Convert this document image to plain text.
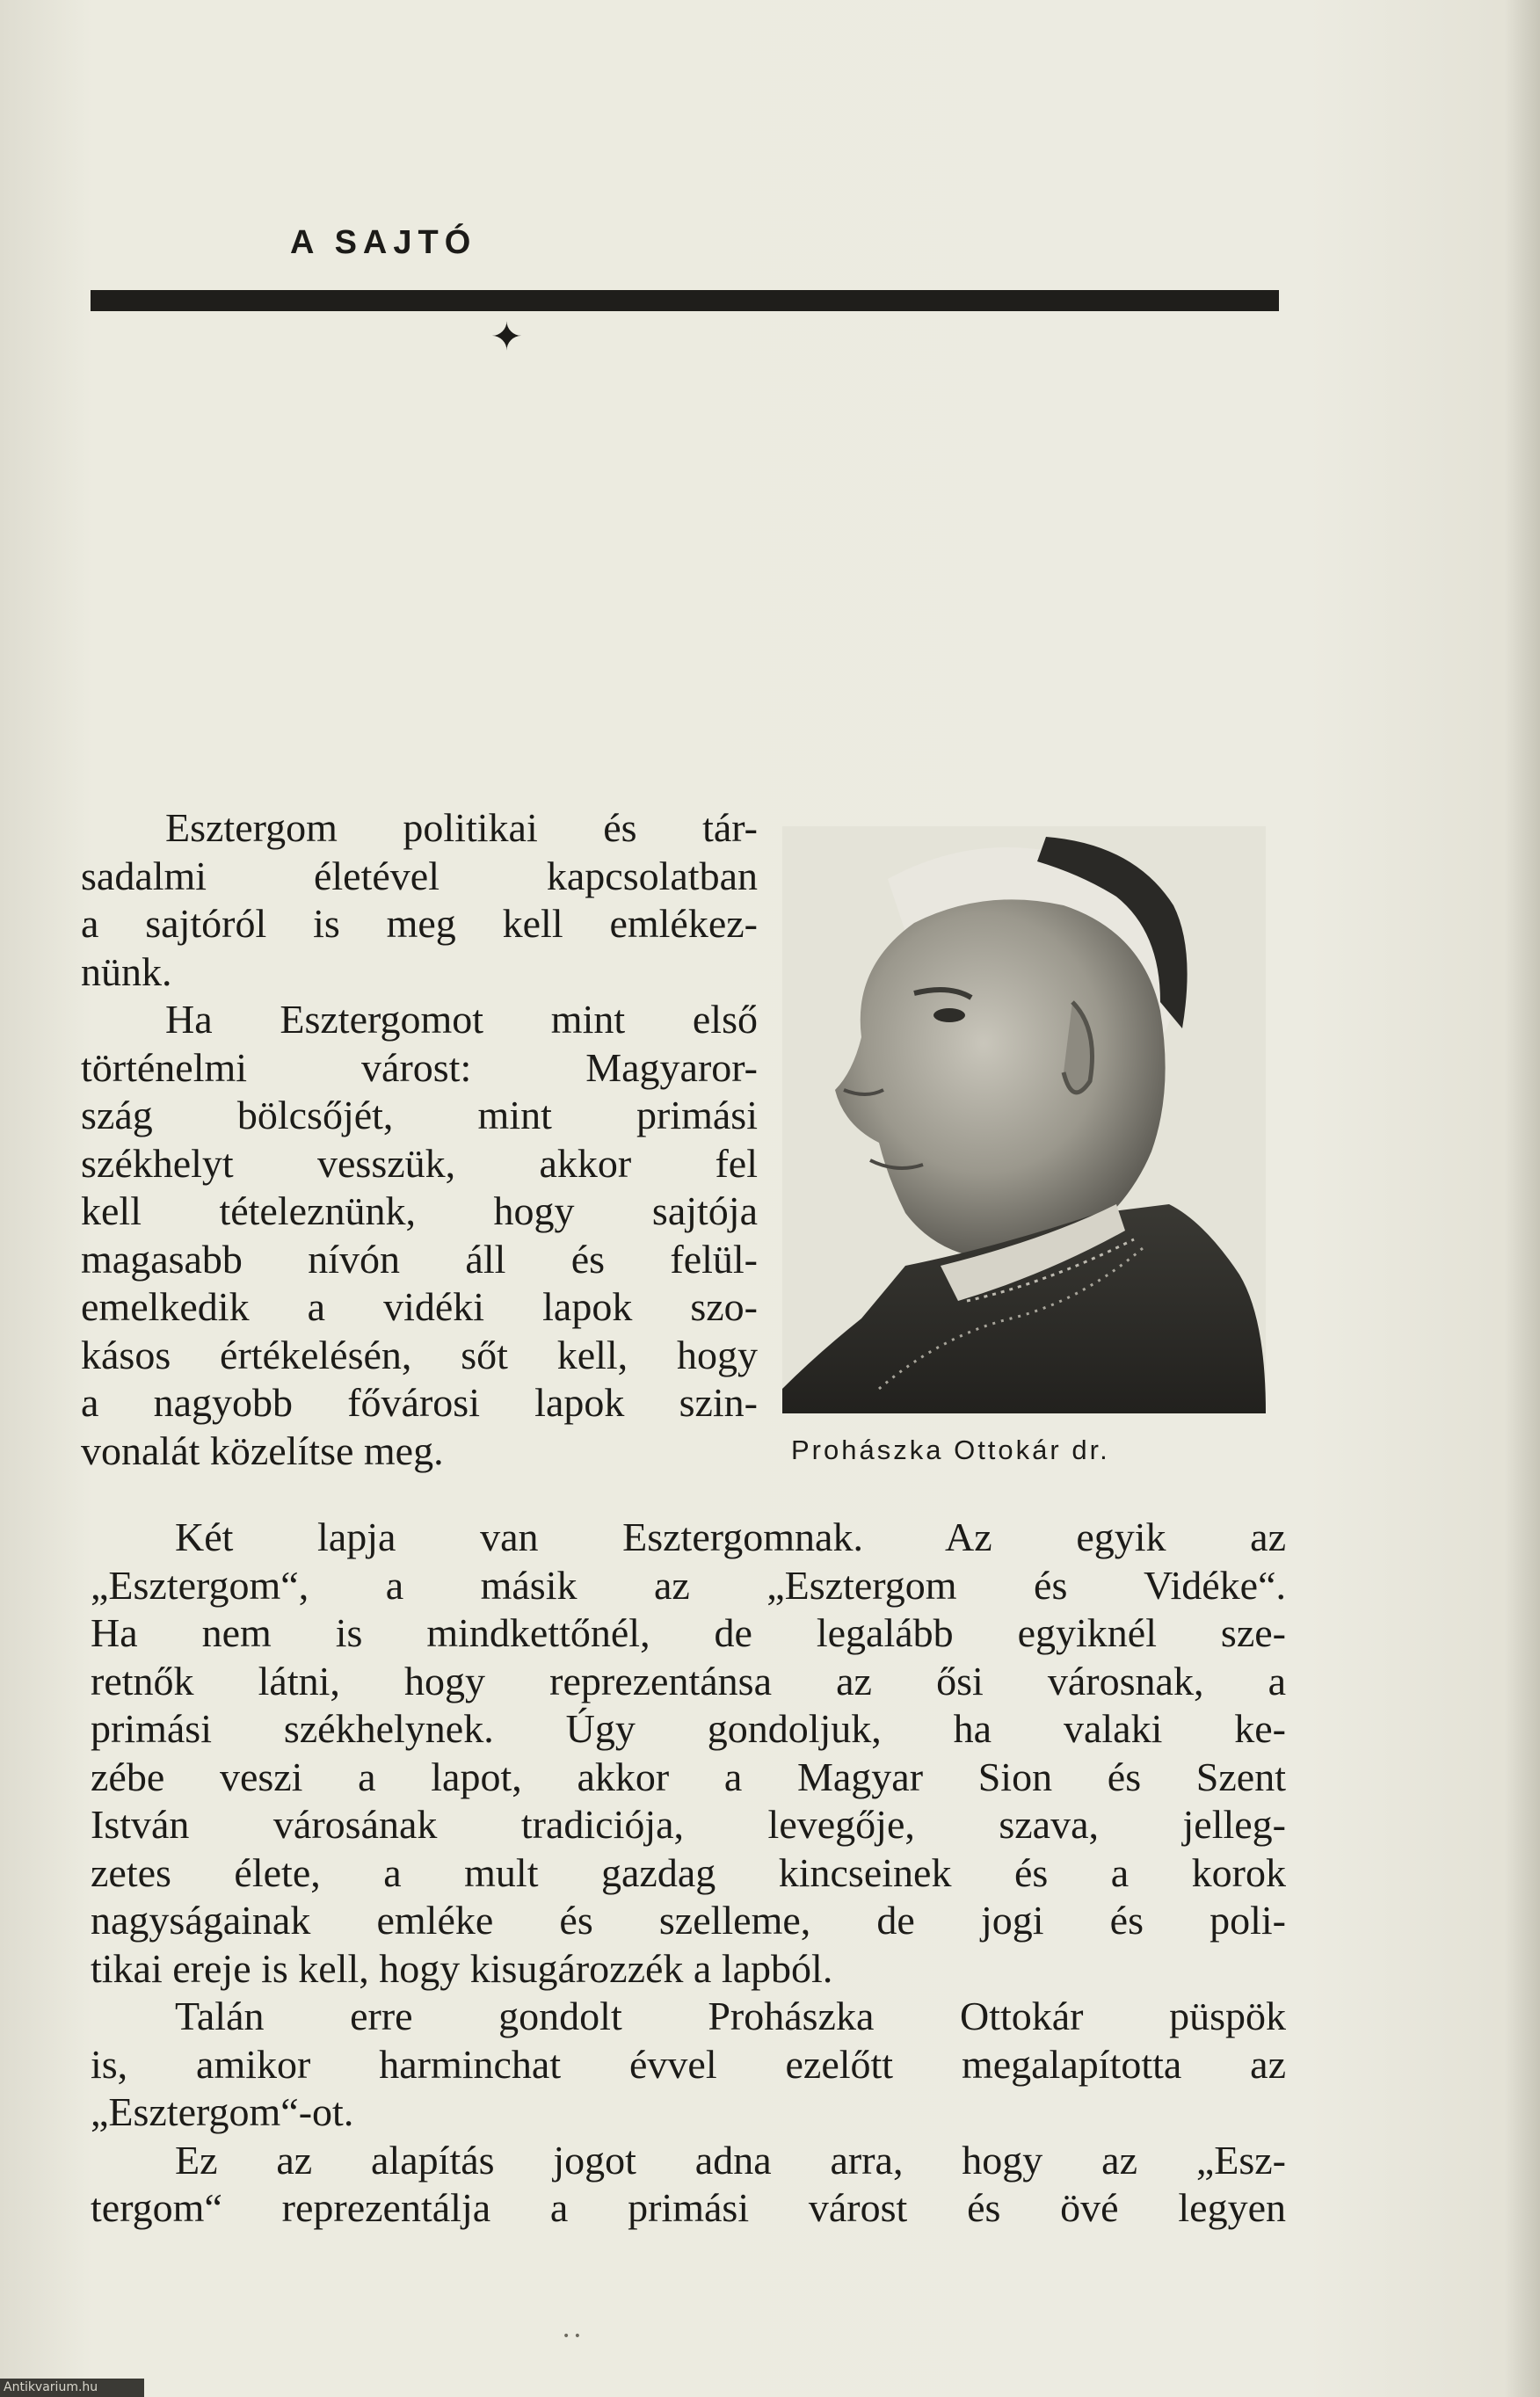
A SAJTÓ
✦
Esztergom politikai és tár-
sadalmi életével kapcsolatban
a sajtóról is meg kell emlékez-
nünk.
Ha Esztergomot mint első
történelmi várost: Magyaror-
szág bölcsőjét, mint primási
székhelyt vesszük, akkor fel
kell tételeznünk, hogy sajtója
magasabb nívón áll és felül-
emelkedik a vidéki lapok szo-
kásos értékelésén, sőt kell, hogy
a nagyobb fővárosi lapok szin-
vonalát közelítse meg.	Prohászka Ottokár dr.
Két lapja van Esztergomnak. Az egyik az
„Esztergom“, a másik az „Esztergom és Vidéke“.
Ha nem is mindkettőnél, de legalább egyiknél sze-
retnők látni, hogy reprezentánsa az ősi városnak, a
primási székhelynek. Úgy gondoljuk, ha valaki ke-
zébe veszi a lapot, akkor a Magyar Sion és Szent
István városának tradiciója, levegője, szava, jelleg-
zetes élete, a mult gazdag kincseinek és a korok
nagyságainak emléke és szelleme, de jogi és poli-
tikai ereje is kell, hogy kisugározzék a lapból.
Talán erre gondolt Prohászka Ottokár püspök
is, amikor harminchat évvel ezelőtt megalapította az
„Esztergom“-ot.
Ez az alapítás jogot adna arra, hogy az „Esz-
tergom“ reprezentálja a primási várost és övé legyen
• •
Antikvarium.hu
